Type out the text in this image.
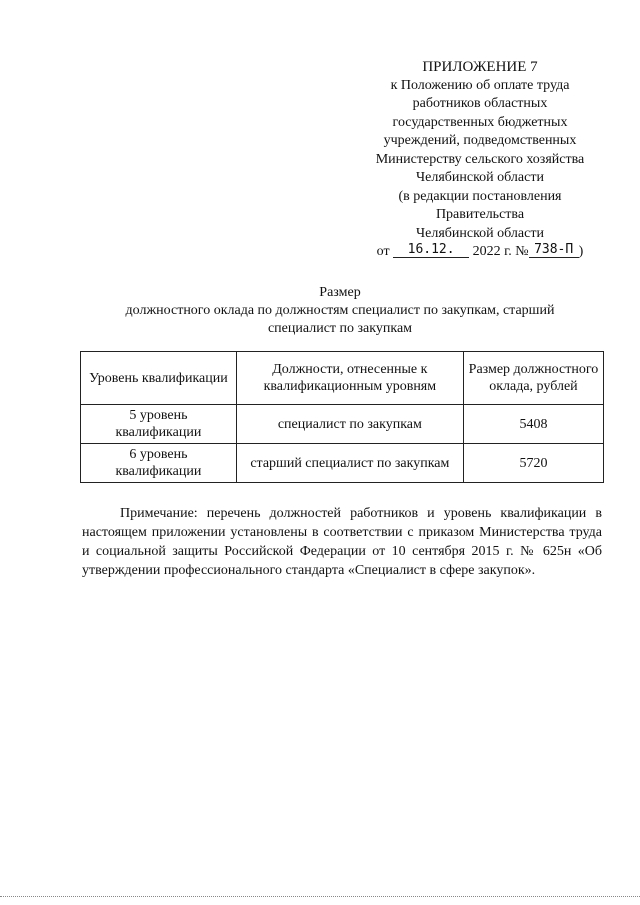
ПРИЛОЖЕНИЕ 7
к Положению об оплате труда
работников областных
государственных бюджетных
учреждений, подведомственных
Министерству сельского хозяйства
Челябинской области
(в редакции постановления
Правительства
Челябинской области
от 16.12. 2022 г. № 738-П )
Размер
должностного оклада по должностям специалист по закупкам, старший
специалист по закупкам
Уровень квалификации	Должности, отнесенные к квалификационным уровням	Размер должностного оклада, рублей
5 уровень квалификации	специалист по закупкам	5408
6 уровень квалификации	старший специалист по закупкам	5720

Примечание: перечень должностей работников и уровень квалификации в настоящем приложении установлены в соответствии с приказом Министерства труда и социальной защиты Российской Федерации от 10 сентября 2015 г. № 625н «Об утверждении профессионального стандарта «Специалист в сфере закупок».
